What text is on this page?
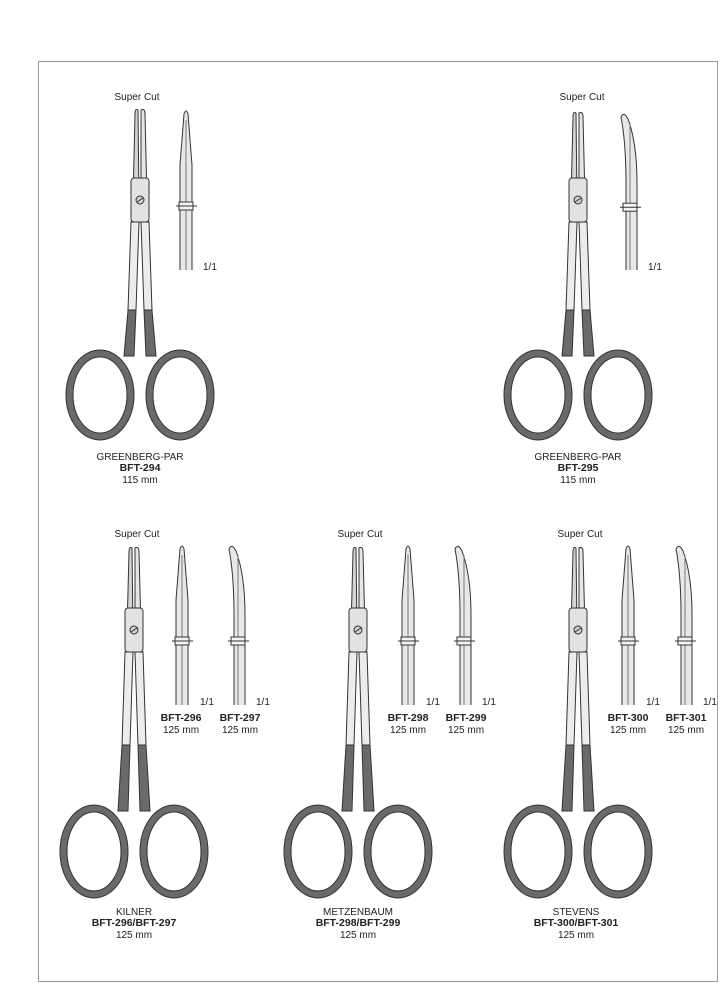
Super Cut
1/1
GREENBERG-PAR
BFT-294
115 mm
Super Cut
1/1
GREENBERG-PAR
BFT-295
115 mm
Super Cut
1/1	1/1
BFT-296
125 mm
BFT-297
125 mm
KILNER
BFT-296/BFT-297
125 mm
Super Cut
1/1	1/1
BFT-298
125 mm
BFT-299
125 mm
METZENBAUM
BFT-298/BFT-299
125 mm
Super Cut
1/1	1/1
BFT-300
125 mm
BFT-301
125 mm
STEVENS
BFT-300/BFT-301
125 mm
